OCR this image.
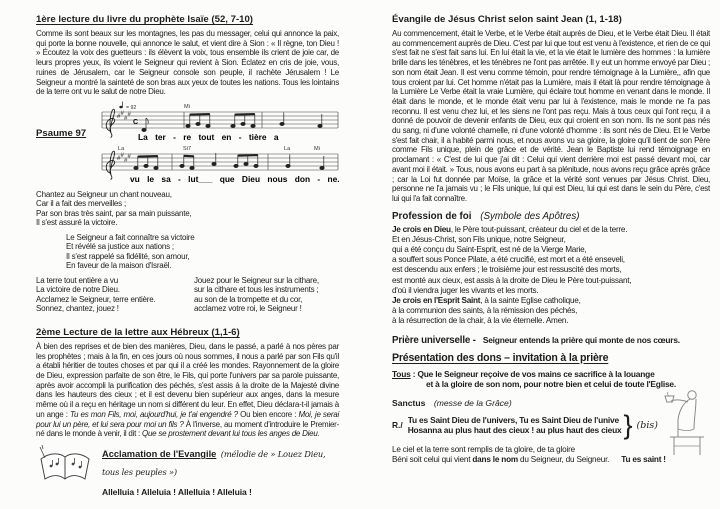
1ère lecture du livre du prophète Isaïe (52, 7-10)

Comme ils sont beaux sur les montagnes, les pas du messager, celui qui annonce la paix, qui porte la bonne nouvelle, qui annonce le salut, et vient dire à Sion : « Il règne, ton Dieu ! » Écoutez la voix des guetteurs : ils élèvent la voix, tous ensemble ils crient de joie car, de leurs propres yeux, ils voient le Seigneur qui revient à Sion. Éclatez en cris de joie, vous, ruines de Jérusalem, car le Seigneur console son peuple, il rachète Jérusalem ! Le Seigneur a montré la sainteté de son bras aux yeux de toutes les nations. Tous les lointains de la terre ont vu le salut de notre Dieu.

Psaume 97
= 92
# #
#
#
C
Mi
La ter - re tout en - tière a
# #
#
#
La	Si7	La	Mi
vu le sa - lut___ que Dieu nous don - ne.
Chantez au Seigneur un chant nouveau,
Car il a fait des merveilles ;
Par son bras très saint, par sa main puissante,
Il s'est assuré la victoire.
Le Seigneur a fait connaître sa victoire
Et révélé sa justice aux nations ;
Il s'est rappelé sa fidélité, son amour,
En faveur de la maison d'Israël.
La terre tout entière a vu
La victoire de notre Dieu.
Acclamez le Seigneur, terre entière.
Sonnez, chantez, jouez !
Jouez pour le Seigneur sur la cithare,
sur la cithare et tous les instruments ;
au son de la trompette et du cor,
acclamez votre roi, le Seigneur !
2ème Lecture de la lettre aux Hébreux (1,1-6)

À bien des reprises et de bien des manières, Dieu, dans le passé, a parlé à nos pères par les prophètes ; mais à la fin, en ces jours où nous sommes, il nous a parlé par son Fils qu'il a établi héritier de toutes choses et par qui il a créé les mondes. Rayonnement de la gloire de Dieu, expression parfaite de son être, le Fils, qui porte l'univers par sa parole puissante, après avoir accompli la purification des péchés, s'est assis à la droite de la Majesté divine dans les hauteurs des cieux ; et il est devenu bien supérieur aux anges, dans la mesure même où il a reçu en héritage un nom si différent du leur. En effet, Dieu déclara-t-il jamais à un ange : Tu es mon Fils, moi, aujourd'hui, je t'ai engendré ? Ou bien encore : Moi, je serai pour lui un père, et lui sera pour moi un fils ? À l'inverse, au moment d'introduire le Premier-né dans le monde à venir, il dit : Que se prosternent devant lui tous les anges de Dieu.

Acclamation de l'Evangile (mélodie de » Louez Dieu, tous les peuples »)
Allelluia ! Alleluia ! Allelluia ! Alleluia !
Évangile de Jésus Christ selon saint Jean (1, 1-18)

Au commencement, était le Verbe, et le Verbe était auprès de Dieu, et le Verbe était Dieu. Il était au commencement auprès de Dieu. C'est par lui que tout est venu à l'existence, et rien de ce qui s'est fait ne s'est fait sans lui. En lui était la vie, et la vie était le lumière des hommes : la lumière brille dans les ténèbres, et les ténèbres ne l'ont pas arrêtée. Il y eut un homme envoyé par Dieu ; son nom était Jean. Il est venu comme témoin, pour rendre témoignage à la Lumière,, afin que tous croient par lui. Cet homme n'était pas la Lumière, mais il était là pour rendre témoignage à la Lumière Le Verbe était la vraie Lumière, qui éclaire tout homme en venant dans le monde. Il était dans le monde, et le monde était venu par lui à l'existence, mais le monde ne l'a pas reconnu. Il est venu chez lui, et les siens ne l'ont pas reçu. Mais à tous ceux qui l'ont reçu, il a donné de pouvoir de devenir enfants de Dieu, eux qui croient en son nom. Ils ne sont pas nés du sang, ni d'une volonté charnelle, ni d'une volonté d'homme : ils sont nés de Dieu. Et le Verbe s'est fait chair, il a habité parmi nous, et nous avons vu sa gloire, la gloire qu'il tient de son Père comme Fils unique, plein de grâce et de vérité. Jean le Baptiste lui rend témoignage en proclamant : « C'est de lui que j'ai dit : Celui qui vient derrière moi est passé devant moi, car avant moi il était. » Tous, nous avons eu part à sa plénitude, nous avons reçu grâce après grâce ; car la Loi fut donnée par Moïse, la grâce et la vérité sont venues par Jésus Christ. Dieu, personne ne l'a jamais vu ; le Fils unique, lui qui est Dieu, lui qui est dans le sein du Père, c'est lui qui l'a fait connaître.

Profession de foi (Symbole des Apôtres)
Je crois en Dieu, le Père tout-puissant, créateur du ciel et de la terre.
Et en Jésus-Christ, son Fils unique, notre Seigneur,
qui a été conçu du Saint-Esprit, est né de la Vierge Marie,
a souffert sous Ponce Pilate, a été crucifié, est mort et a été enseveli,
est descendu aux enfers ; le troisième jour est ressuscité des morts,
est monté aux cieux, est assis à la droite de Dieu le Père tout-puissant,
d'où il viendra juger les vivants et les morts.
Je crois en l'Esprit Saint, à la sainte Eglise catholique,
à la communion des saints, à la rémission des péchés,
à la résurrection de la chair, à la vie éternelle. Amen.
Prière universelle - Seigneur entends la prière qui monte de nos cœurs.
Présentation des dons – invitation à la prière
Tous : Que le Seigneur reçoive de vos mains ce sacrifice à la louange
et à la gloire de son nom, pour notre bien et celui de toute l'Eglise.
Sanctus (messe de la Grâce)
R./
Tu es Saint Dieu de l'univers, Tu es Saint Dieu de l'unive
Hosanna au plus haut des cieux ! au plus haut des cieux } (bis)
Le ciel et la terre sont remplis de ta gloire, de ta gloire
Béni soit celui qui vient dans le nom du Seigneur, du Seigneur. Tu es saint !
